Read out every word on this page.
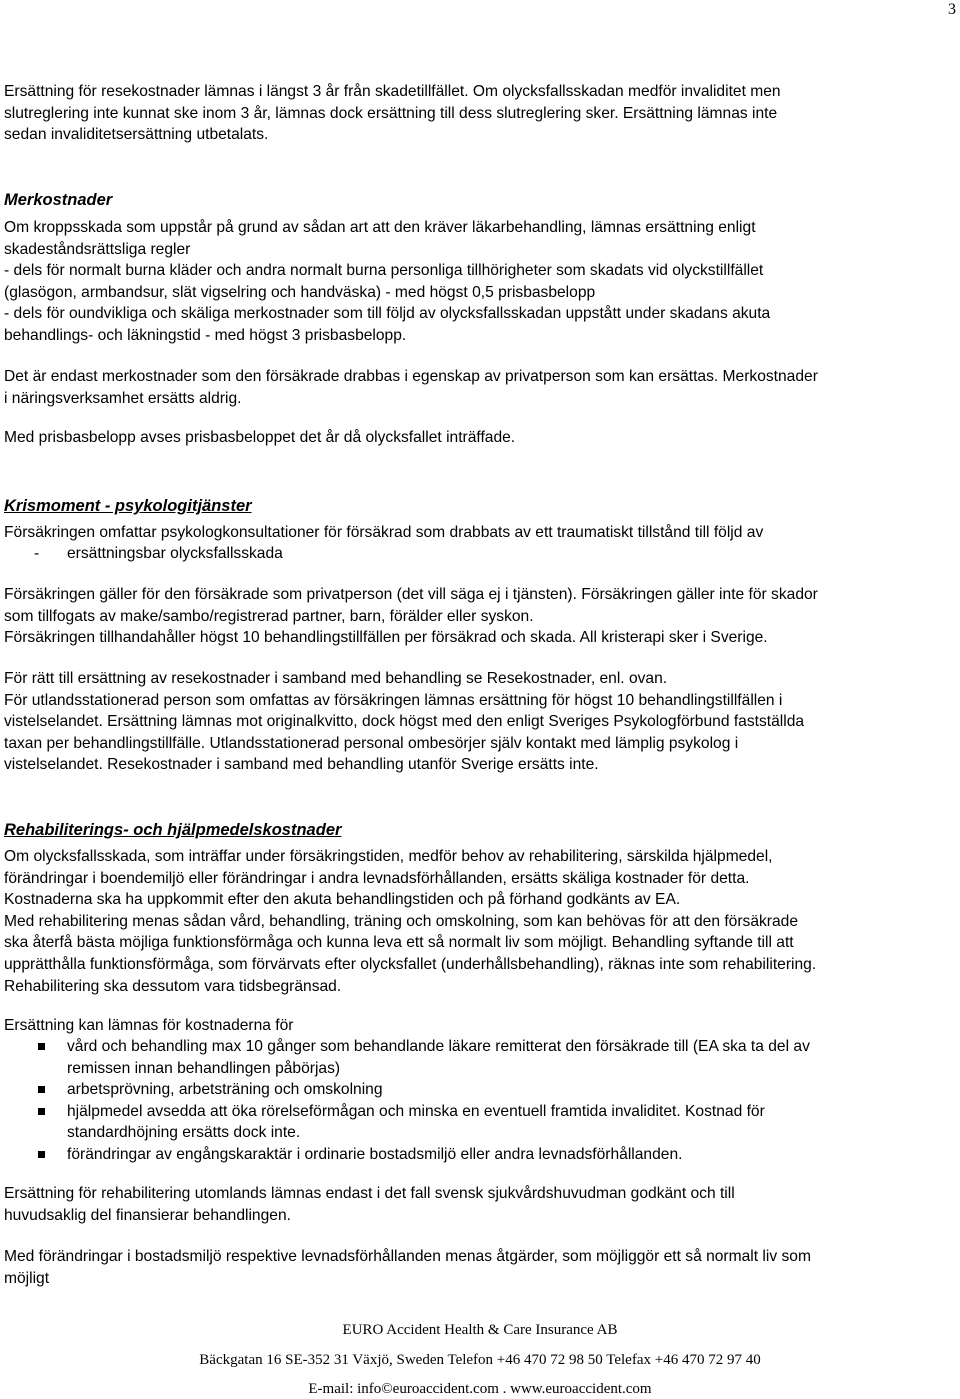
3
Ersättning för resekostnader lämnas i längst 3 år från skadetillfället. Om olycksfallsskadan medför invaliditet men
slutreglering inte kunnat ske inom 3 år, lämnas dock ersättning till dess slutreglering sker. Ersättning lämnas inte
sedan invaliditetsersättning utbetalats.
Merkostnader
Om kroppsskada som uppstår på grund av sådan art att den kräver läkarbehandling, lämnas ersättning enligt
skadeståndsrättsliga regler
- dels för normalt burna kläder och andra normalt burna personliga tillhörigheter som skadats vid olyckstillfället
(glasögon, armbandsur, slät vigselring och handväska) - med högst 0,5 prisbasbelopp
- dels för oundvikliga och skäliga merkostnader som till följd av olycksfallsskadan uppstått under skadans akuta
behandlings- och läkningstid - med högst 3 prisbasbelopp.
Det är endast merkostnader som den försäkrade drabbas i egenskap av privatperson som kan ersättas. Merkostnader
i näringsverksamhet ersätts aldrig.
Med prisbasbelopp avses prisbasbeloppet det år då olycksfallet inträffade.
Krismoment - psykologitjänster
Försäkringen omfattar psykologkonsultationer för försäkrad som drabbats av ett traumatiskt tillstånd till följd av
- ersättningsbar olycksfallsskada
Försäkringen gäller för den försäkrade som privatperson (det vill säga ej i tjänsten). Försäkringen gäller inte för skador
som tillfogats av make/sambo/registrerad partner, barn, förälder eller syskon.
Försäkringen tillhandahåller högst 10 behandlingstillfällen per försäkrad och skada. All kristerapi sker i Sverige.
För rätt till ersättning av resekostnader i samband med behandling se Resekostnader, enl. ovan.
För utlandsstationerad person som omfattas av försäkringen lämnas ersättning för högst 10 behandlingstillfällen i
vistelselandet. Ersättning lämnas mot originalkvitto, dock högst med den enligt Sveriges Psykologförbund fastställda
taxan per behandlingstillfälle. Utlandsstationerad personal ombesörjer själv kontakt med lämplig psykolog i
vistelselandet. Resekostnader i samband med behandling utanför Sverige ersätts inte.
Rehabiliterings- och hjälpmedelskostnader
Om olycksfallsskada, som inträffar under försäkringstiden, medför behov av rehabilitering, särskilda hjälpmedel,
förändringar i boendemiljö eller förändringar i andra levnadsförhållanden, ersätts skäliga kostnader för detta.
Kostnaderna ska ha uppkommit efter den akuta behandlingstiden och på förhand godkänts av EA.
Med rehabilitering menas sådan vård, behandling, träning och omskolning, som kan behövas för att den försäkrade
ska återfå bästa möjliga funktionsförmåga och kunna leva ett så normalt liv som möjligt. Behandling syftande till att
upprätthålla funktionsförmåga, som förvärvats efter olycksfallet (underhållsbehandling), räknas inte som rehabilitering.
Rehabilitering ska dessutom vara tidsbegränsad.
Ersättning kan lämnas för kostnaderna för
vård och behandling max 10 gånger som behandlande läkare remitterat den försäkrade till (EA ska ta del av
remissen innan behandlingen påbörjas)
arbetsprövning, arbetsträning och omskolning
hjälpmedel avsedda att öka rörelseförmågan och minska en eventuell framtida invaliditet. Kostnad för
standardhöjning ersätts dock inte.
förändringar av engångskaraktär i ordinarie bostadsmiljö eller andra levnadsförhållanden.
Ersättning för rehabilitering utomlands lämnas endast i det fall svensk sjukvårdshuvudman godkänt och till
huvudsaklig del finansierar behandlingen.
Med förändringar i bostadsmiljö respektive levnadsförhållanden menas åtgärder, som möjliggör ett så normalt liv som
möjligt
EURO Accident Health & Care Insurance AB
Bäckgatan 16 SE-352 31 Växjö, Sweden Telefon +46 470 72 98 50 Telefax +46 470 72 97 40
E-mail: info©euroaccident.com . www.euroaccident.com
